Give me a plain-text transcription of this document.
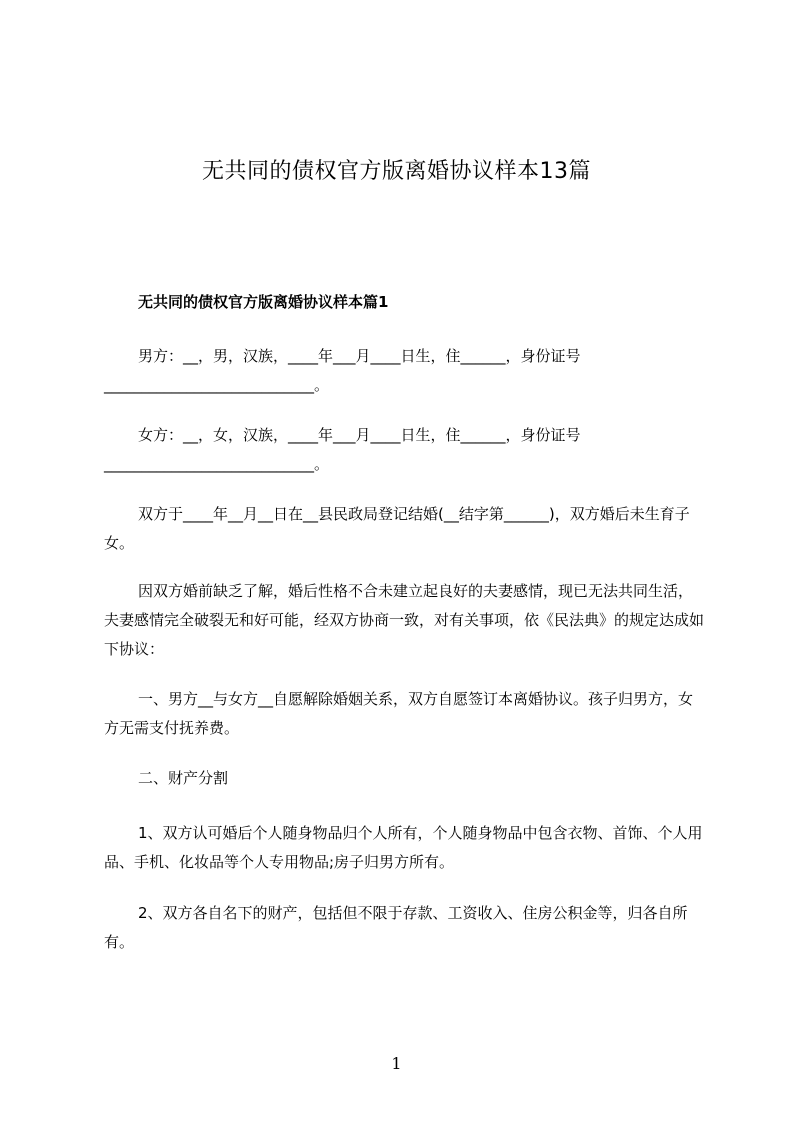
无共同的债权官方版离婚协议样本13篇
无共同的债权官方版离婚协议样本篇1

男方：__，男，汉族，____年___月____日生，住______，身份证号____________________________。

女方：__，女，汉族，____年___月____日生，住______，身份证号____________________________。

双方于____年__月__日在__县民政局登记结婚(__结字第______)，双方婚后未生育子女。

因双方婚前缺乏了解，婚后性格不合未建立起良好的夫妻感情，现已无法共同生活，夫妻感情完全破裂无和好可能，经双方协商一致，对有关事项，依《民法典》的规定达成如下协议：

一、男方__与女方__自愿解除婚姻关系，双方自愿签订本离婚协议。孩子归男方，女方无需支付抚养费。

二、财产分割

1、双方认可婚后个人随身物品归个人所有，个人随身物品中包含衣物、首饰、个人用品、手机、化妆品等个人专用物品;房子归男方所有。

2、双方各自名下的财产，包括但不限于存款、工资收入、住房公积金等，归各自所有。

1
